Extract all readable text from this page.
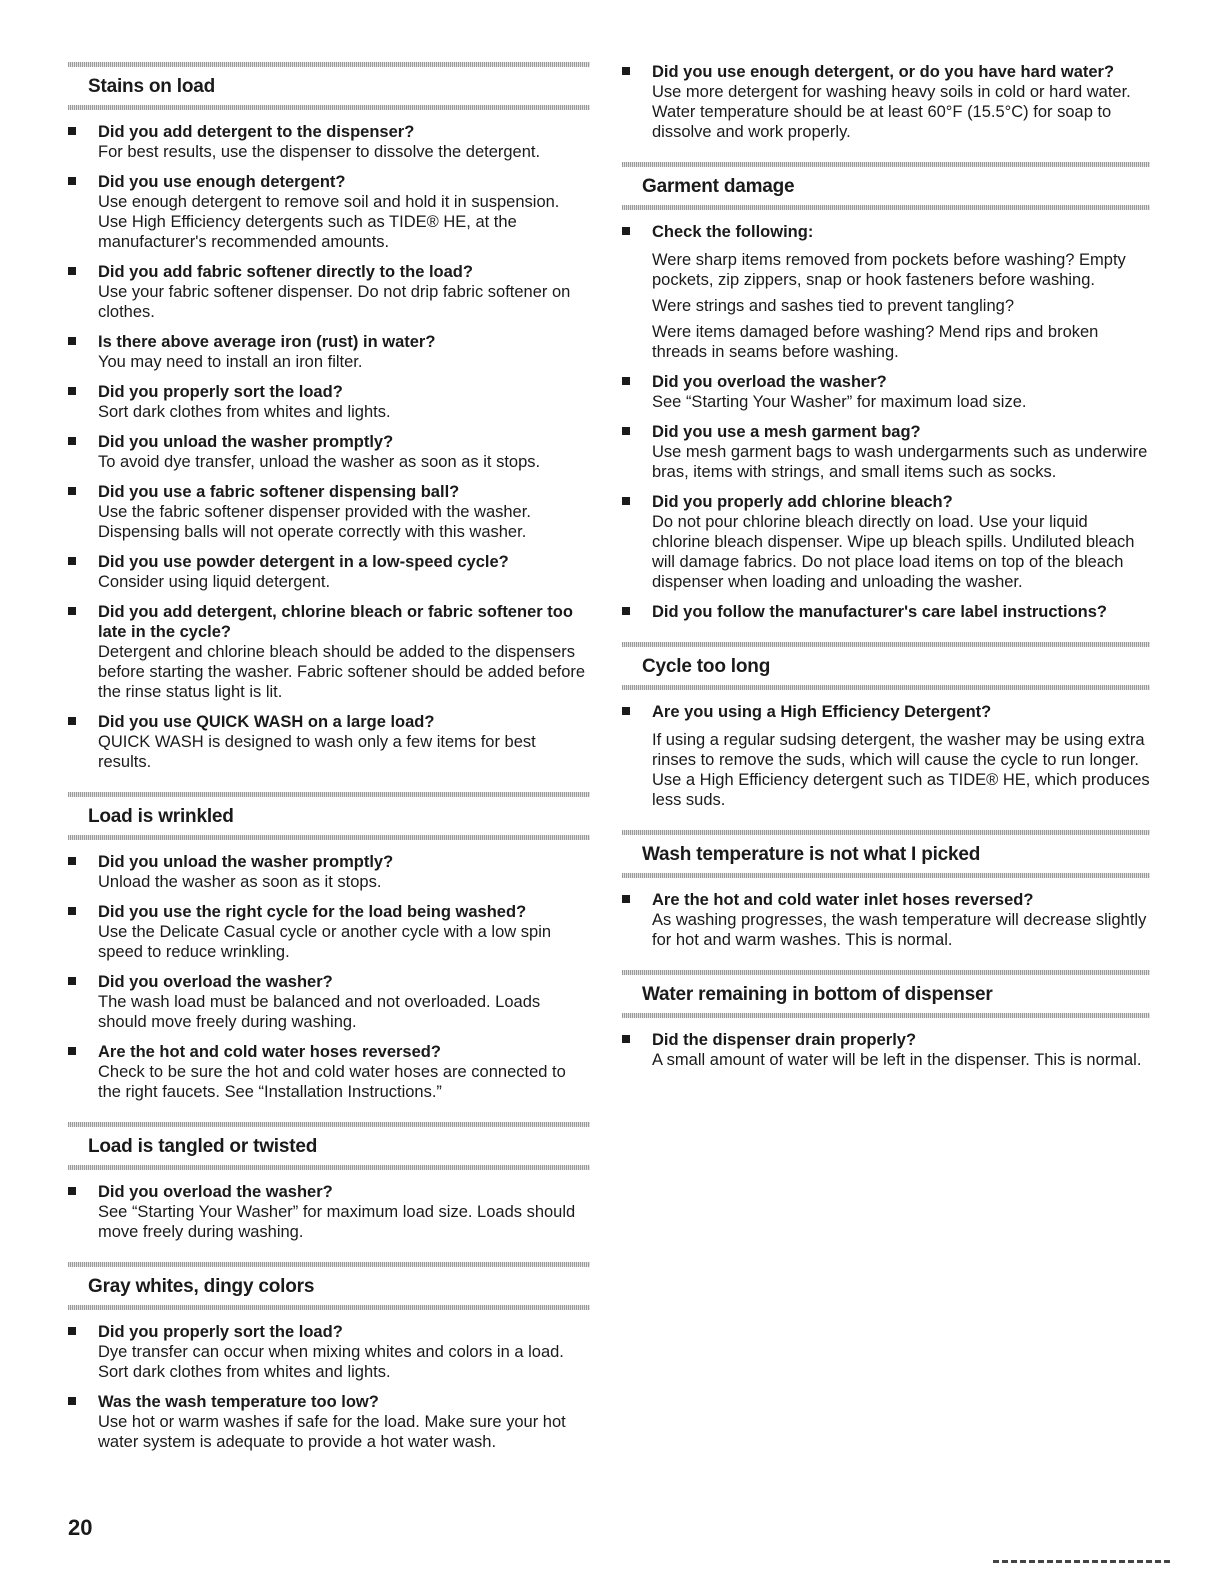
Stains on load
Did you add detergent to the dispenser?
For best results, use the dispenser to dissolve the detergent.
Did you use enough detergent?
Use enough detergent to remove soil and hold it in suspension. Use High Efficiency detergents such as TIDE® HE, at the manufacturer's recommended amounts.
Did you add fabric softener directly to the load?
Use your fabric softener dispenser. Do not drip fabric softener on clothes.
Is there above average iron (rust) in water?
You may need to install an iron filter.
Did you properly sort the load?
Sort dark clothes from whites and lights.
Did you unload the washer promptly?
To avoid dye transfer, unload the washer as soon as it stops.
Did you use a fabric softener dispensing ball?
Use the fabric softener dispenser provided with the washer. Dispensing balls will not operate correctly with this washer.
Did you use powder detergent in a low-speed cycle?
Consider using liquid detergent.
Did you add detergent, chlorine bleach or fabric softener too late in the cycle?
Detergent and chlorine bleach should be added to the dispensers before starting the washer. Fabric softener should be added before the rinse status light is lit.
Did you use QUICK WASH on a large load?
QUICK WASH is designed to wash only a few items for best results.
Load is wrinkled
Did you unload the washer promptly?
Unload the washer as soon as it stops.
Did you use the right cycle for the load being washed?
Use the Delicate Casual cycle or another cycle with a low spin speed to reduce wrinkling.
Did you overload the washer?
The wash load must be balanced and not overloaded. Loads should move freely during washing.
Are the hot and cold water hoses reversed?
Check to be sure the hot and cold water hoses are connected to the right faucets. See “Installation Instructions.”
Load is tangled or twisted
Did you overload the washer?
See “Starting Your Washer” for maximum load size. Loads should move freely during washing.
Gray whites, dingy colors
Did you properly sort the load?
Dye transfer can occur when mixing whites and colors in a load. Sort dark clothes from whites and lights.
Was the wash temperature too low?
Use hot or warm washes if safe for the load. Make sure your hot water system is adequate to provide a hot water wash.
Did you use enough detergent, or do you have hard water?
Use more detergent for washing heavy soils in cold or hard water. Water temperature should be at least 60°F (15.5°C) for soap to dissolve and work properly.
Garment damage
Check the following:
Were sharp items removed from pockets before washing? Empty pockets, zip zippers, snap or hook fasteners before washing.
Were strings and sashes tied to prevent tangling?
Were items damaged before washing? Mend rips and broken threads in seams before washing.
Did you overload the washer?
See “Starting Your Washer” for maximum load size.
Did you use a mesh garment bag?
Use mesh garment bags to wash undergarments such as underwire bras, items with strings, and small items such as socks.
Did you properly add chlorine bleach?
Do not pour chlorine bleach directly on load. Use your liquid chlorine bleach dispenser. Wipe up bleach spills. Undiluted bleach will damage fabrics. Do not place load items on top of the bleach dispenser when loading and unloading the washer.
Did you follow the manufacturer's care label instructions?
Cycle too long
Are you using a High Efficiency Detergent?
If using a regular sudsing detergent, the washer may be using extra rinses to remove the suds, which will cause the cycle to run longer. Use a High Efficiency detergent such as TIDE® HE, which produces less suds.
Wash temperature is not what I picked
Are the hot and cold water inlet hoses reversed?
As washing progresses, the wash temperature will decrease slightly for hot and warm washes. This is normal.
Water remaining in bottom of dispenser
Did the dispenser drain properly?
A small amount of water will be left in the dispenser. This is normal.
20
